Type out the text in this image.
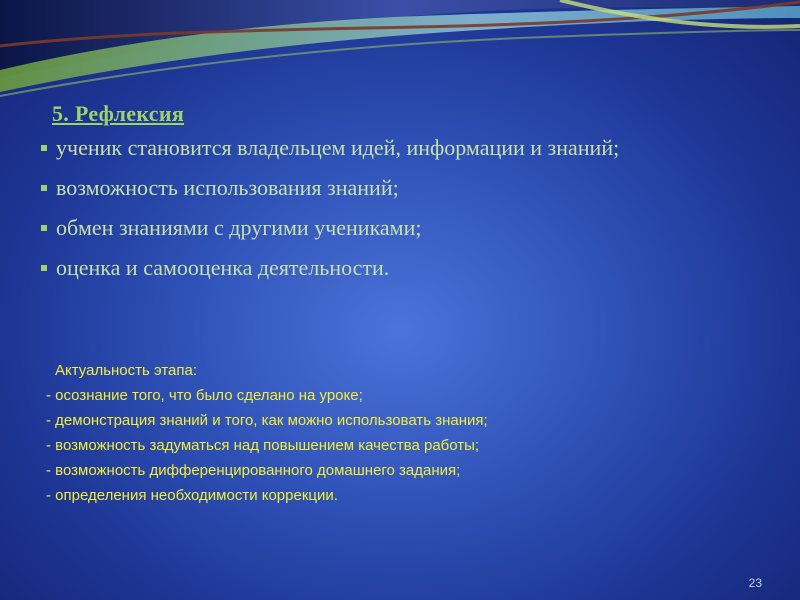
5. Рефлексия
ученик становится владельцем идей, информации и знаний;
возможность использования знаний;
обмен знаниями с другими учениками;
оценка и самооценка деятельности.
Актуальность этапа:
- осознание того, что было сделано на уроке;
- демонстрация знаний и того, как можно использовать знания;
- возможность задуматься над повышением качества работы;
- возможность дифференцированного домашнего задания;
- определения необходимости коррекции.
23
